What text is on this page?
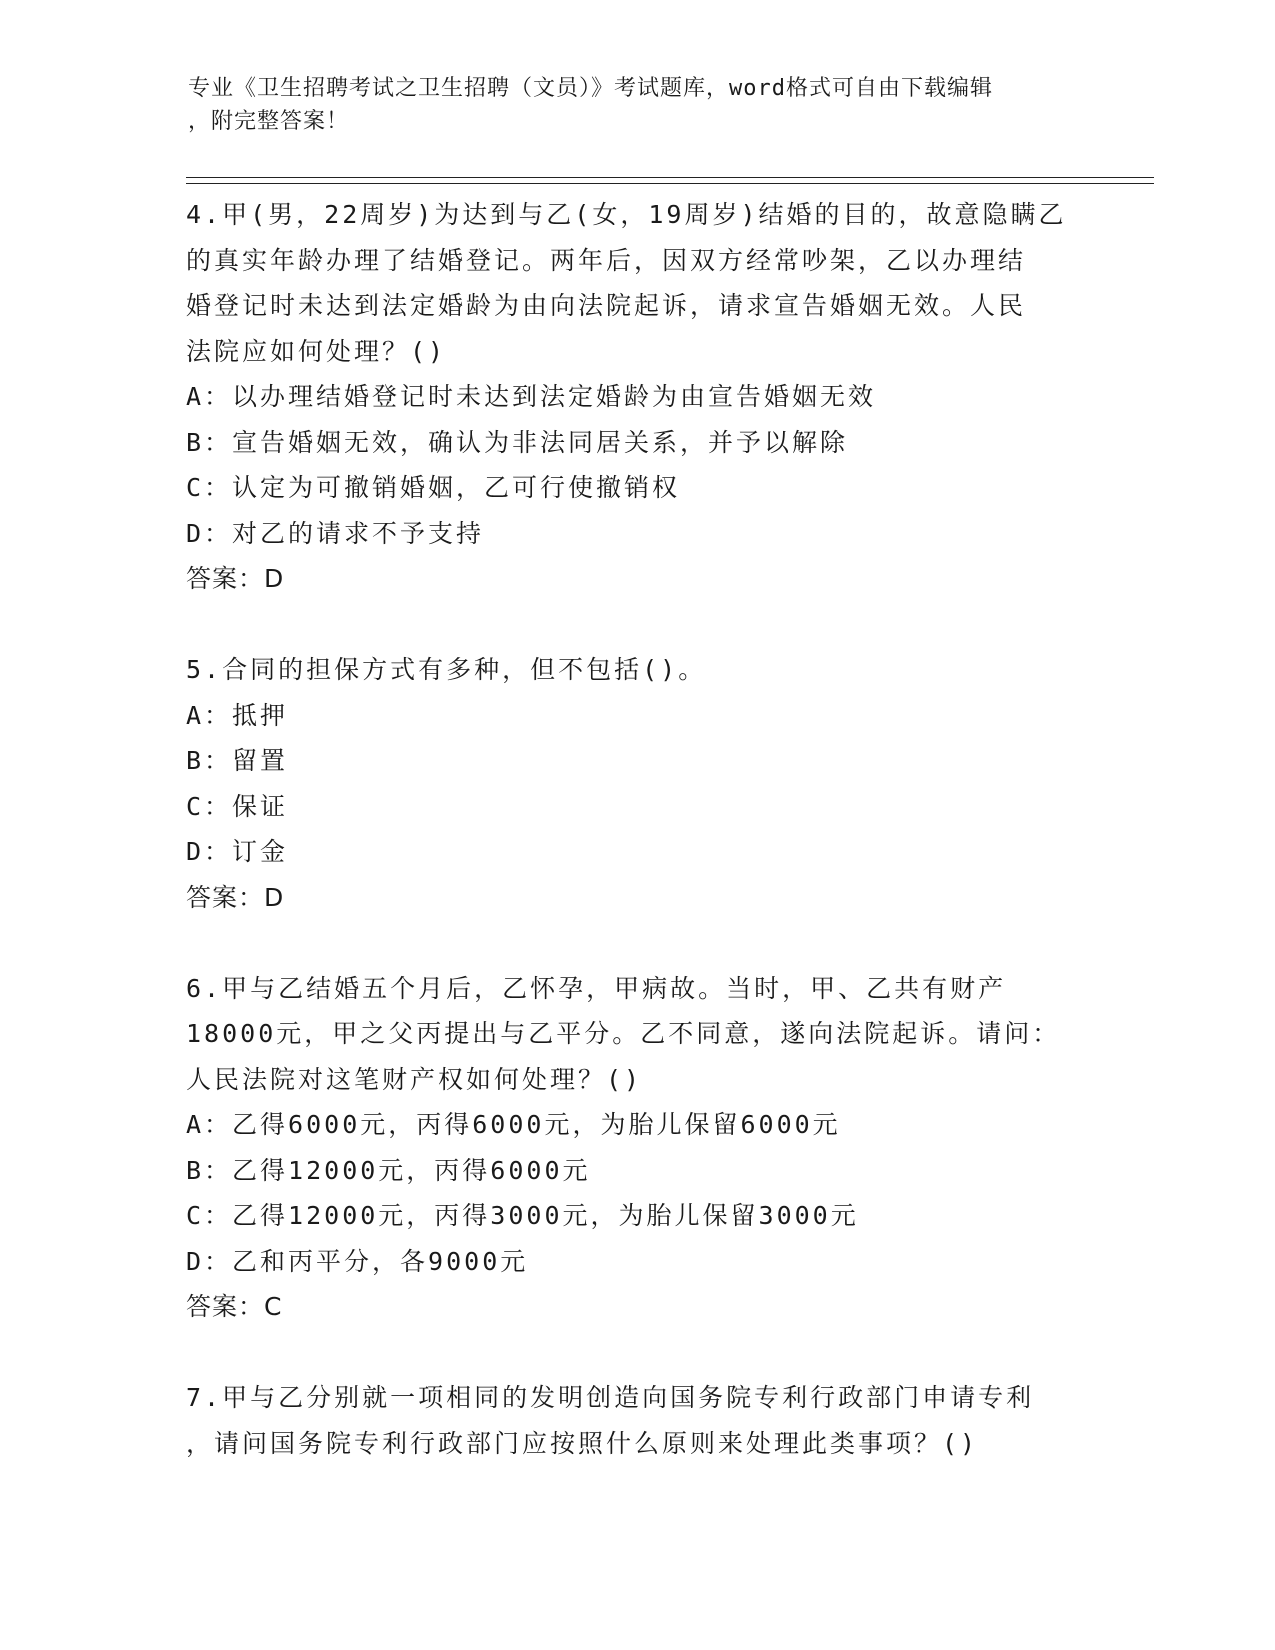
专业《卫生招聘考试之卫生招聘（文员）》考试题库，word格式可自由下载编辑
，附完整答案！
4.甲(男，22周岁)为达到与乙(女，19周岁)结婚的目的，故意隐瞒乙
的真实年龄办理了结婚登记。两年后，因双方经常吵架，乙以办理结
婚登记时未达到法定婚龄为由向法院起诉，请求宣告婚姻无效。人民
法院应如何处理？()
A：以办理结婚登记时未达到法定婚龄为由宣告婚姻无效
B：宣告婚姻无效，确认为非法同居关系，并予以解除
C：认定为可撤销婚姻，乙可行使撤销权
D：对乙的请求不予支持
答案：D
5.合同的担保方式有多种，但不包括()。
A：抵押
B：留置
C：保证
D：订金
答案：D
6.甲与乙结婚五个月后，乙怀孕，甲病故。当时，甲、乙共有财产
18000元，甲之父丙提出与乙平分。乙不同意，遂向法院起诉。请问：
人民法院对这笔财产权如何处理？()
A：乙得6000元，丙得6000元，为胎儿保留6000元
B：乙得12000元，丙得6000元
C：乙得12000元，丙得3000元，为胎儿保留3000元
D：乙和丙平分，各9000元
答案：C
7.甲与乙分别就一项相同的发明创造向国务院专利行政部门申请专利
，请问国务院专利行政部门应按照什么原则来处理此类事项？()
